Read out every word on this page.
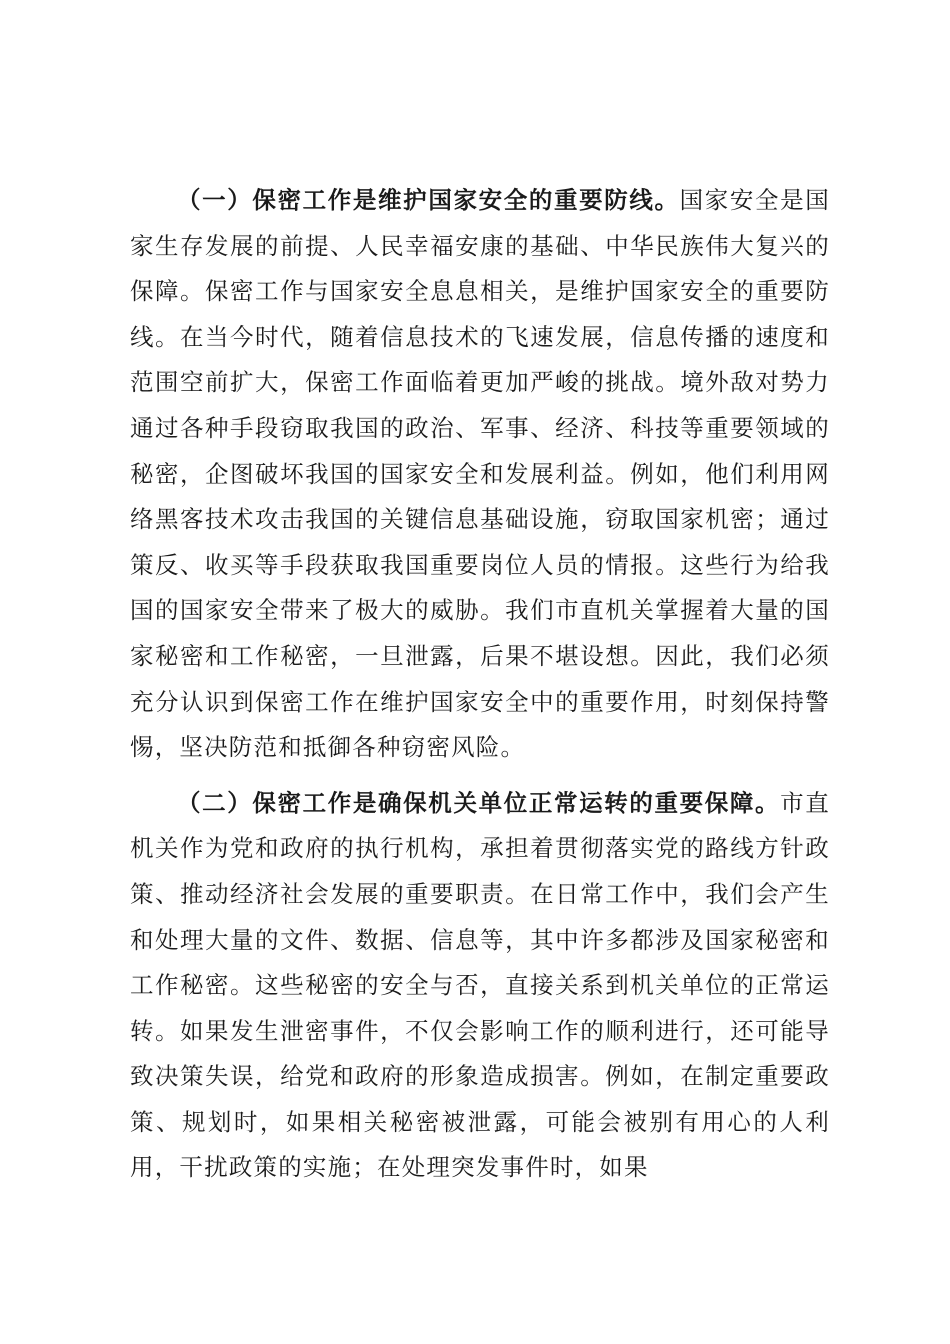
（一）保密工作是维护国家安全的重要防线。国家安全是国家生存发展的前提、人民幸福安康的基础、中华民族伟大复兴的保障。保密工作与国家安全息息相关，是维护国家安全的重要防线。在当今时代，随着信息技术的飞速发展，信息传播的速度和范围空前扩大，保密工作面临着更加严峻的挑战。境外敌对势力通过各种手段窃取我国的政治、军事、经济、科技等重要领域的秘密，企图破坏我国的国家安全和发展利益。例如，他们利用网络黑客技术攻击我国的关键信息基础设施，窃取国家机密；通过策反、收买等手段获取我国重要岗位人员的情报。这些行为给我国的国家安全带来了极大的威胁。我们市直机关掌握着大量的国家秘密和工作秘密，一旦泄露，后果不堪设想。因此，我们必须充分认识到保密工作在维护国家安全中的重要作用，时刻保持警惕，坚决防范和抵御各种窃密风险。

（二）保密工作是确保机关单位正常运转的重要保障。市直机关作为党和政府的执行机构，承担着贯彻落实党的路线方针政策、推动经济社会发展的重要职责。在日常工作中，我们会产生和处理大量的文件、数据、信息等，其中许多都涉及国家秘密和工作秘密。这些秘密的安全与否，直接关系到机关单位的正常运转。如果发生泄密事件，不仅会影响工作的顺利进行，还可能导致决策失误，给党和政府的形象造成损害。例如，在制定重要政策、规划时，如果相关秘密被泄露，可能会被别有用心的人利用，干扰政策的实施；在处理突发事件时，如果
